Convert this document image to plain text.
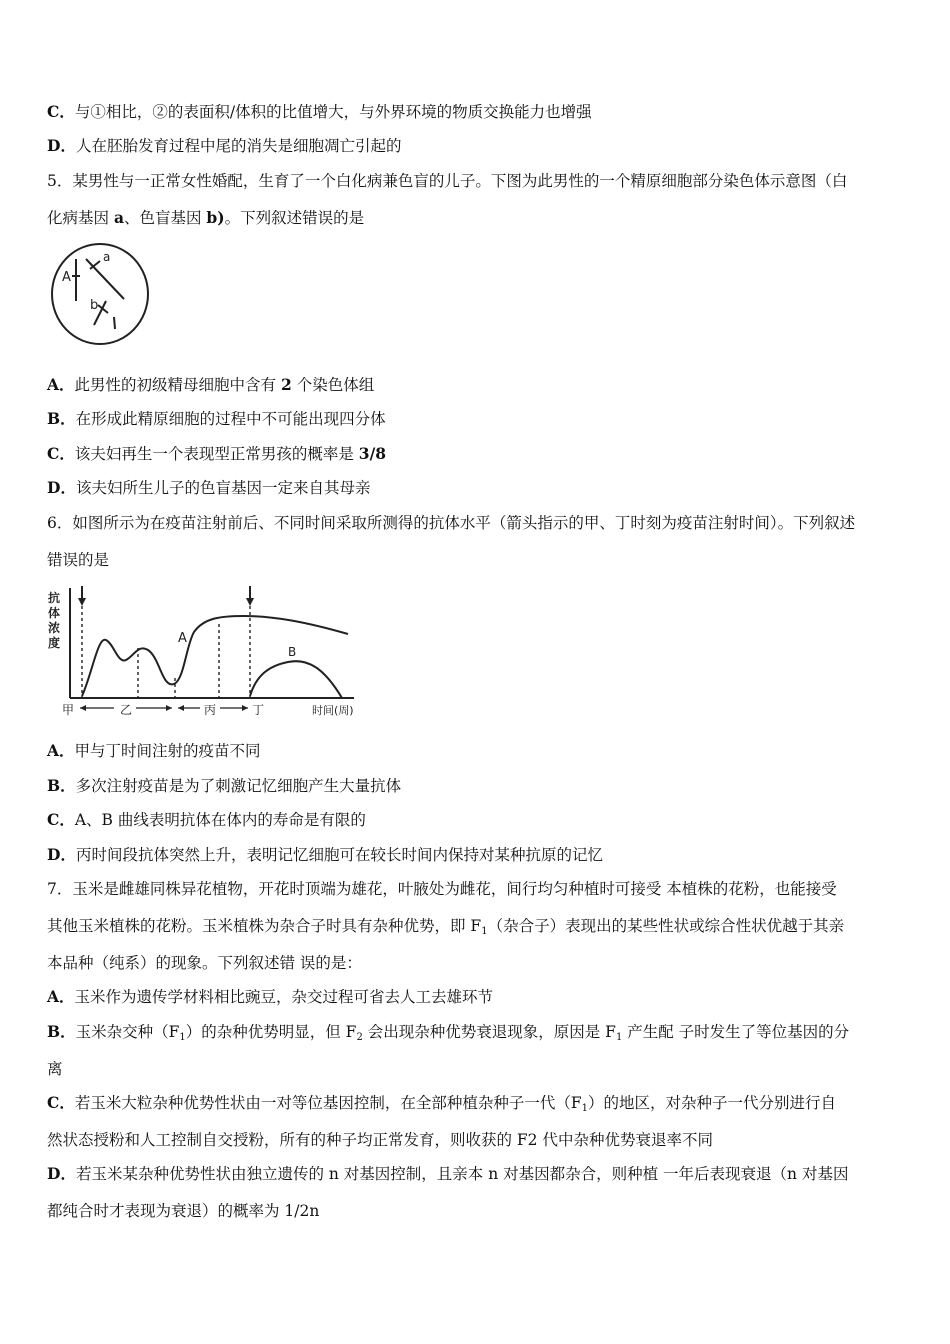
C．与①相比，②的表面积/体积的比值增大，与外界环境的物质交换能力也增强
D．人在胚胎发育过程中尾的消失是细胞凋亡引起的
5．某男性与一正常女性婚配，生育了一个白化病兼色盲的儿子。下图为此男性的一个精原细胞部分染色体示意图（白
化病基因 a、色盲基因 b)。下列叙述错误的是
A
a
b
A．此男性的初级精母细胞中含有 2 个染色体组
B．在形成此精原细胞的过程中不可能出现四分体
C．该夫妇再生一个表现型正常男孩的概率是 3/8
D．该夫妇所生儿子的色盲基因一定来自其母亲
6．如图所示为在疫苗注射前后、不同时间采取所测得的抗体水平（箭头指示的甲、丁时刻为疫苗注射时间）。下列叙述
错误的是
抗
体
浓
度	A
B
甲	乙	丙	丁	时间(周)
A．甲与丁时间注射的疫苗不同
B．多次注射疫苗是为了刺激记忆细胞产生大量抗体
C．A、B 曲线表明抗体在体内的寿命是有限的
D．丙时间段抗体突然上升，表明记忆细胞可在较长时间内保持对某种抗原的记忆
7．玉米是雌雄同株异花植物，开花时顶端为雄花，叶腋处为雌花，间行均匀种植时可接受 本植株的花粉，也能接受
其他玉米植株的花粉。玉米植株为杂合子时具有杂种优势，即 $F_1$（杂合子）表现出的某些性状或综合性状优越于其亲
本品种（纯系）的现象。下列叙述错 误的是：
A．玉米作为遗传学材料相比豌豆，杂交过程可省去人工去雄环节
B．玉米杂交种$(F_1)$的杂种优势明显，但 $F_2$ 会出现杂种优势衰退现象，原因是 $F_1$ 产生配 子时发生了等位基因的分
离
C．若玉米大粒杂种优势性状由一对等位基因控制，在全部种植杂种子一代$(F_1)$的地区，对杂种子一代分别进行自
然状态授粉和人工控制自交授粉，所有的种子均正常发育，则收获的 F2 代中杂种优势衰退率不同
D．若玉米某杂种优势性状由独立遗传的 n 对基因控制，且亲本 n 对基因都杂合，则种植 一年后表现衰退（n 对基因
都纯合时才表现为衰退）的概率为 1/2n
